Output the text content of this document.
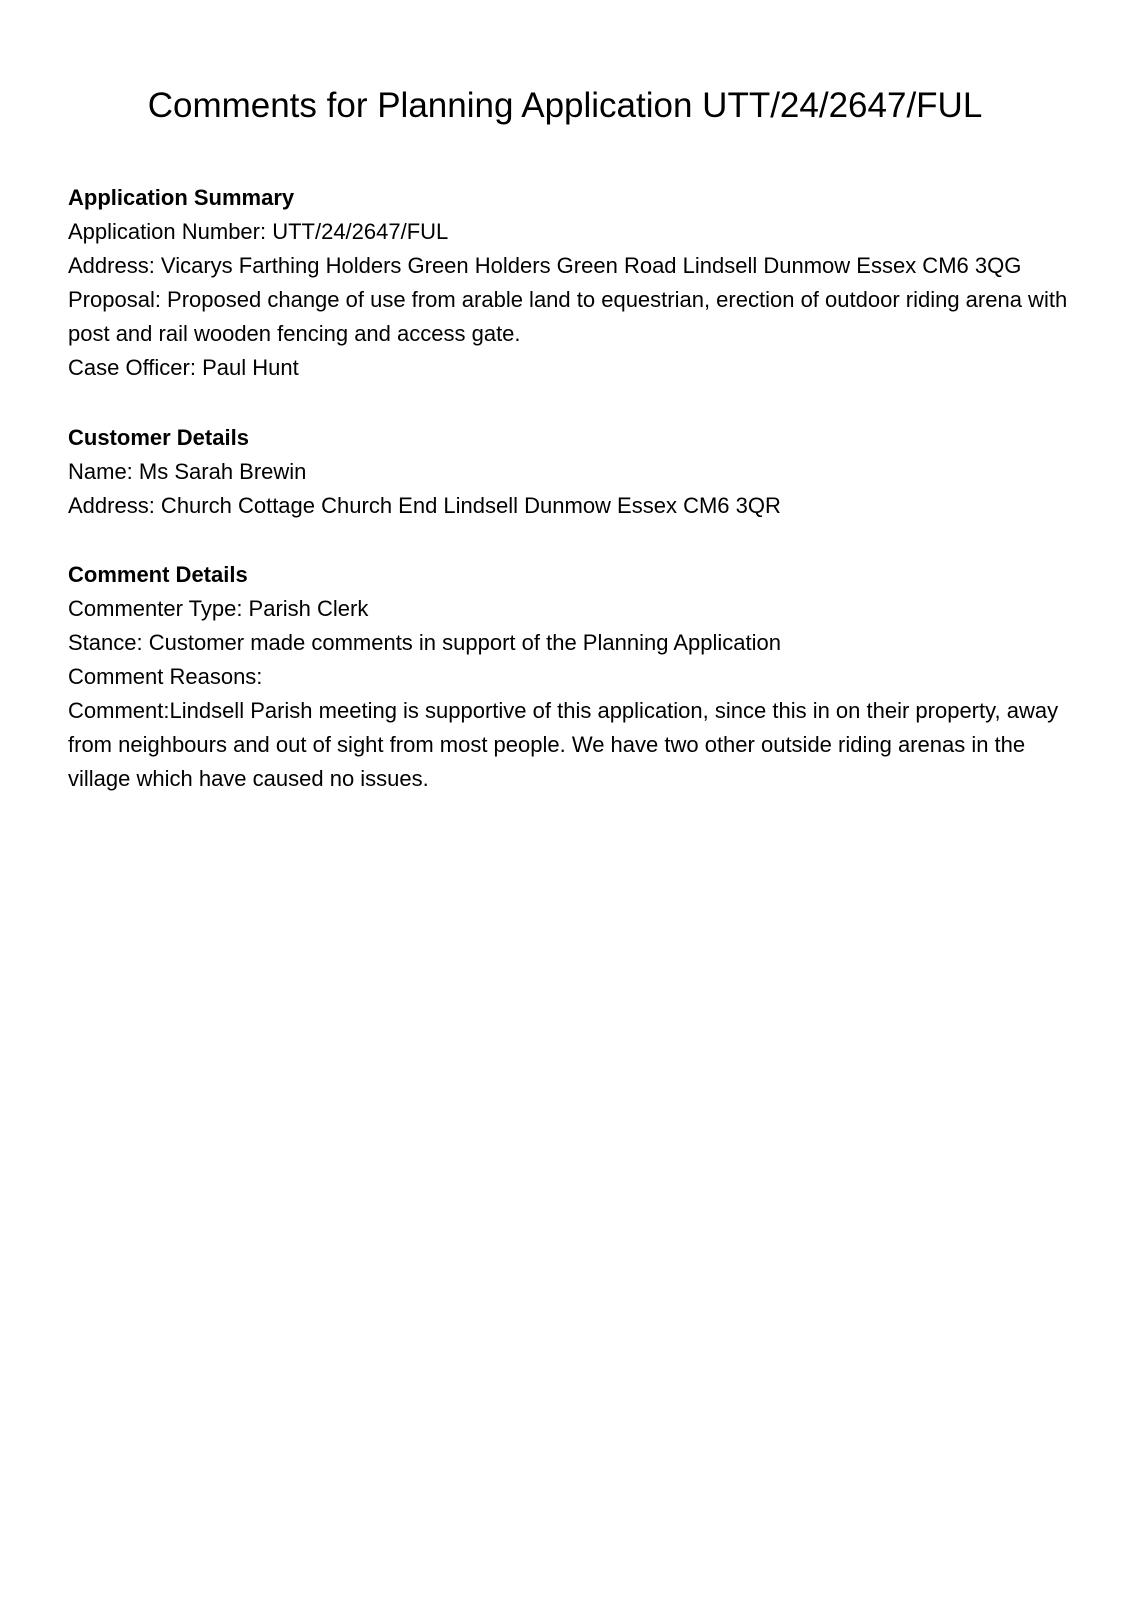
Comments for Planning Application UTT/24/2647/FUL

Application Summary

Application Number: UTT/24/2647/FUL

Address: Vicarys Farthing Holders Green Holders Green Road Lindsell Dunmow Essex CM6 3QG

Proposal: Proposed change of use from arable land to equestrian, erection of outdoor riding arena with post and rail wooden fencing and access gate.

Case Officer: Paul Hunt

Customer Details

Name: Ms Sarah Brewin

Address: Church Cottage Church End Lindsell Dunmow Essex CM6 3QR

Comment Details

Commenter Type: Parish Clerk

Stance: Customer made comments in support of the Planning Application

Comment Reasons:

Comment:Lindsell Parish meeting is supportive of this application, since this in on their property, away from neighbours and out of sight from most people. We have two other outside riding arenas in the village which have caused no issues.
